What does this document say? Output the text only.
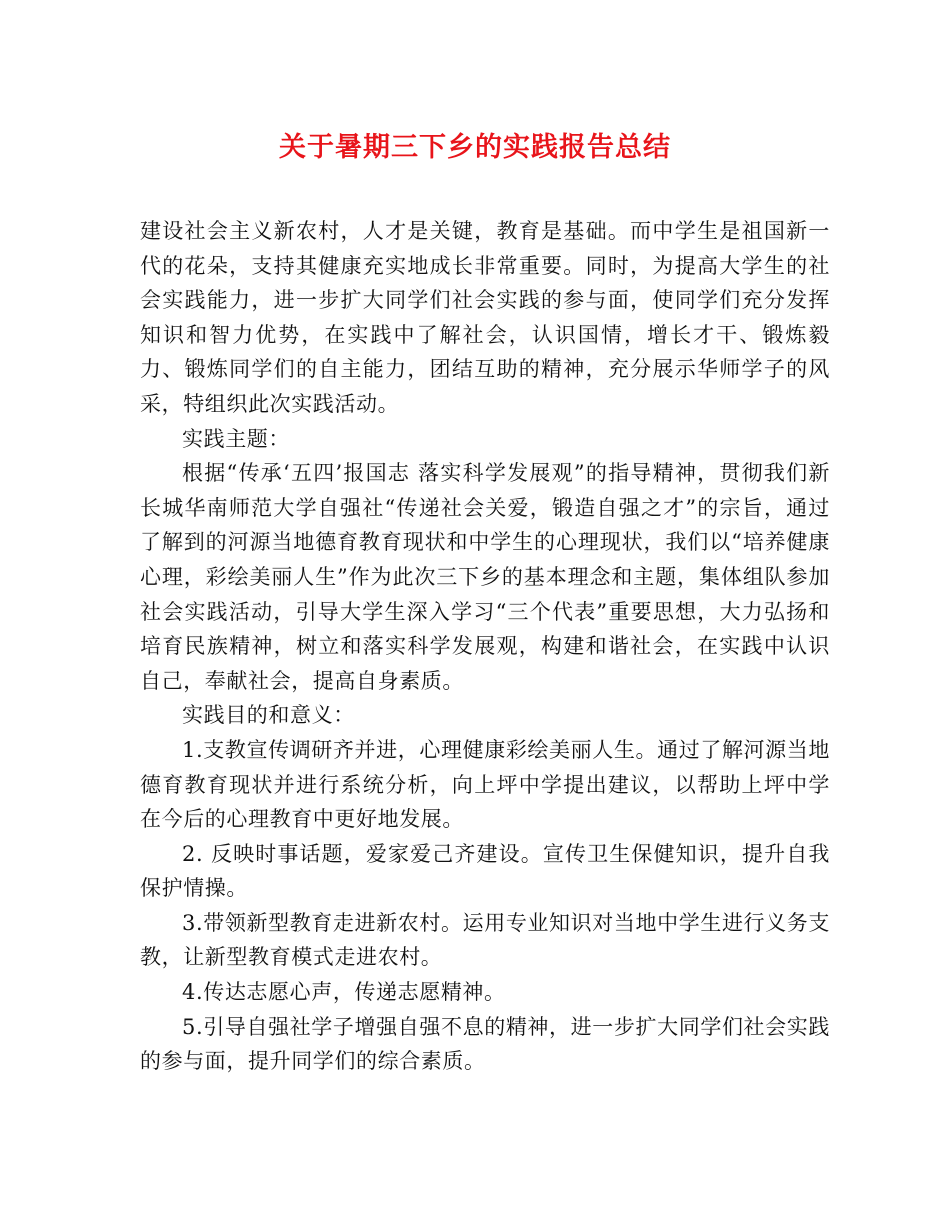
关于暑期三下乡的实践报告总结

建设社会主义新农村，人才是关键，教育是基础。而中学生是祖国新一代的花朵，支持其健康充实地成长非常重要。同时，为提高大学生的社会实践能力，进一步扩大同学们社会实践的参与面，使同学们充分发挥知识和智力优势，在实践中了解社会，认识国情，增长才干、锻炼毅力、锻炼同学们的自主能力，团结互助的精神，充分展示华师学子的风采，特组织此次实践活动。

实践主题：

根据“传承‘五四’报国志 落实科学发展观”的指导精神，贯彻我们新长城华南师范大学自强社“传递社会关爱，锻造自强之才”的宗旨，通过了解到的河源当地德育教育现状和中学生的心理现状，我们以“培养健康心理，彩绘美丽人生”作为此次三下乡的基本理念和主题，集体组队参加社会实践活动，引导大学生深入学习“三个代表”重要思想，大力弘扬和培育民族精神，树立和落实科学发展观，构建和谐社会，在实践中认识自己，奉献社会，提高自身素质。

实践目的和意义：

1.支教宣传调研齐并进，心理健康彩绘美丽人生。通过了解河源当地德育教育现状并进行系统分析，向上坪中学提出建议，以帮助上坪中学在今后的心理教育中更好地发展。

2. 反映时事话题，爱家爱己齐建设。宣传卫生保健知识，提升自我保护情操。

3.带领新型教育走进新农村。运用专业知识对当地中学生进行义务支教，让新型教育模式走进农村。

4.传达志愿心声，传递志愿精神。

5.引导自强社学子增强自强不息的精神，进一步扩大同学们社会实践的参与面，提升同学们的综合素质。
